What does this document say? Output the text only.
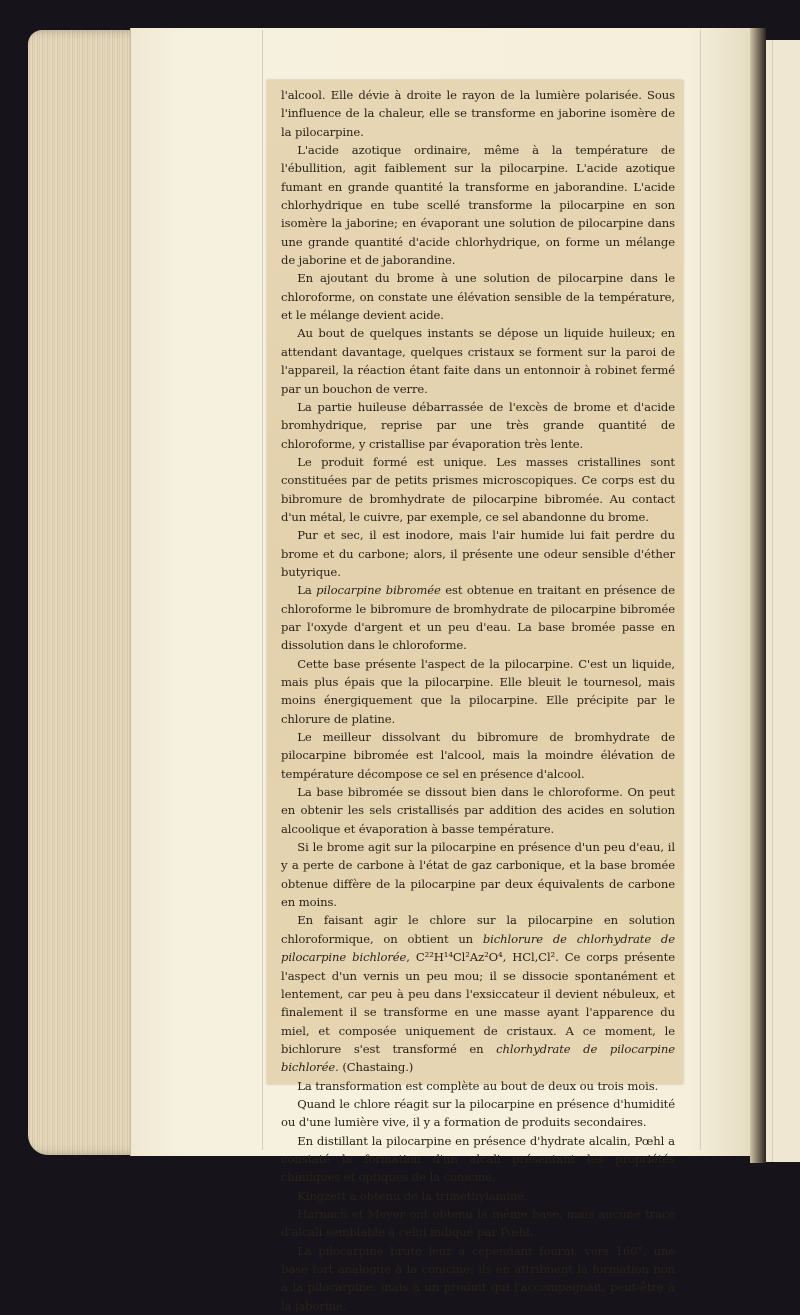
l'alcool. Elle dévie à droite le rayon de la lumière polarisée. Sous l'influence de la chaleur, elle se transforme en jaborine isomère de la pilocarpine.

L'acide azotique ordinaire, même à la température de l'ébullition, agit faiblement sur la pilocarpine. L'acide azotique fumant en grande quantité la transforme en jaborandine. L'acide chlorhydrique en tube scellé transforme la pilocarpine en son isomère la jaborine; en évaporant une solution de pilocarpine dans une grande quantité d'acide chlorhydrique, on forme un mélange de jaborine et de jaborandine.

En ajoutant du brome à une solution de pilocarpine dans le chloroforme, on constate une élévation sensible de la température, et le mélange devient acide.

Au bout de quelques instants se dépose un liquide huileux; en attendant davantage, quelques cristaux se forment sur la paroi de l'appareil, la réaction étant faite dans un entonnoir à robinet fermé par un bouchon de verre.

La partie huileuse débarrassée de l'excès de brome et d'acide bromhydrique, reprise par une très grande quantité de chloroforme, y cristallise par évaporation très lente.

Le produit formé est unique. Les masses cristallines sont constituées par de petits prismes microscopiques. Ce corps est du bibromure de bromhydrate de pilocarpine bibromée. Au contact d'un métal, le cuivre, par exemple, ce sel abandonne du brome.

Pur et sec, il est inodore, mais l'air humide lui fait perdre du brome et du carbone; alors, il présente une odeur sensible d'éther butyrique.

La pilocarpine bibromée est obtenue en traitant en présence de chloroforme le bibromure de bromhydrate de pilocarpine bibromée par l'oxyde d'argent et un peu d'eau. La base bromée passe en dissolution dans le chloroforme.

Cette base présente l'aspect de la pilocarpine. C'est un liquide, mais plus épais que la pilocarpine. Elle bleuit le tournesol, mais moins énergiquement que la pilocarpine. Elle précipite par le chlorure de platine.

Le meilleur dissolvant du bibromure de bromhydrate de pilocarpine bibromée est l'alcool, mais la moindre élévation de température décompose ce sel en présence d'alcool.

La base bibromée se dissout bien dans le chloroforme. On peut en obtenir les sels cristallisés par addition des acides en solution alcoolique et évaporation à basse température.

Si le brome agit sur la pilocarpine en présence d'un peu d'eau, il y a perte de carbone à l'état de gaz carbonique, et la base bromée obtenue diffère de la pilocarpine par deux équivalents de carbone en moins.

En faisant agir le chlore sur la pilocarpine en solution chloroformique, on obtient un bichlorure de chlorhydrate de pilocarpine bichlorée, C²²H¹⁴Cl²Az²O⁴, HCl,Cl². Ce corps présente l'aspect d'un vernis un peu mou; il se dissocie spontanément et lentement, car peu à peu dans l'exsiccateur il devient nébuleux, et finalement il se transforme en une masse ayant l'apparence du miel, et composée uniquement de cristaux. A ce moment, le bichlorure s'est transformé en chlorhydrate de pilocarpine bichlorée. (Chastaing.)

La transformation est complète au bout de deux ou trois mois.

Quand le chlore réagit sur la pilocarpine en présence d'humidité ou d'une lumière vive, il y a formation de produits secondaires.

En distillant la pilocarpine en présence d'hydrate alcalin, Pœhl a constaté la formation d'un alcali présentant les propriétés chimiques et optiques de la conicine.

Kingzett a obtenu de la triméthylamine.

Harnach et Meyer ont obtenu la même base, mais aucune trace d'alcali semblable à celui indiqué par Pœhl.

La pilocarpine brute leur a cependant fourni, vers 160°, une base fort analogue à la conicine; ils en attribuent la formation non à la pilocarpine, mais à un produit qui l'accompagnait, peut-être à la jaborine.
